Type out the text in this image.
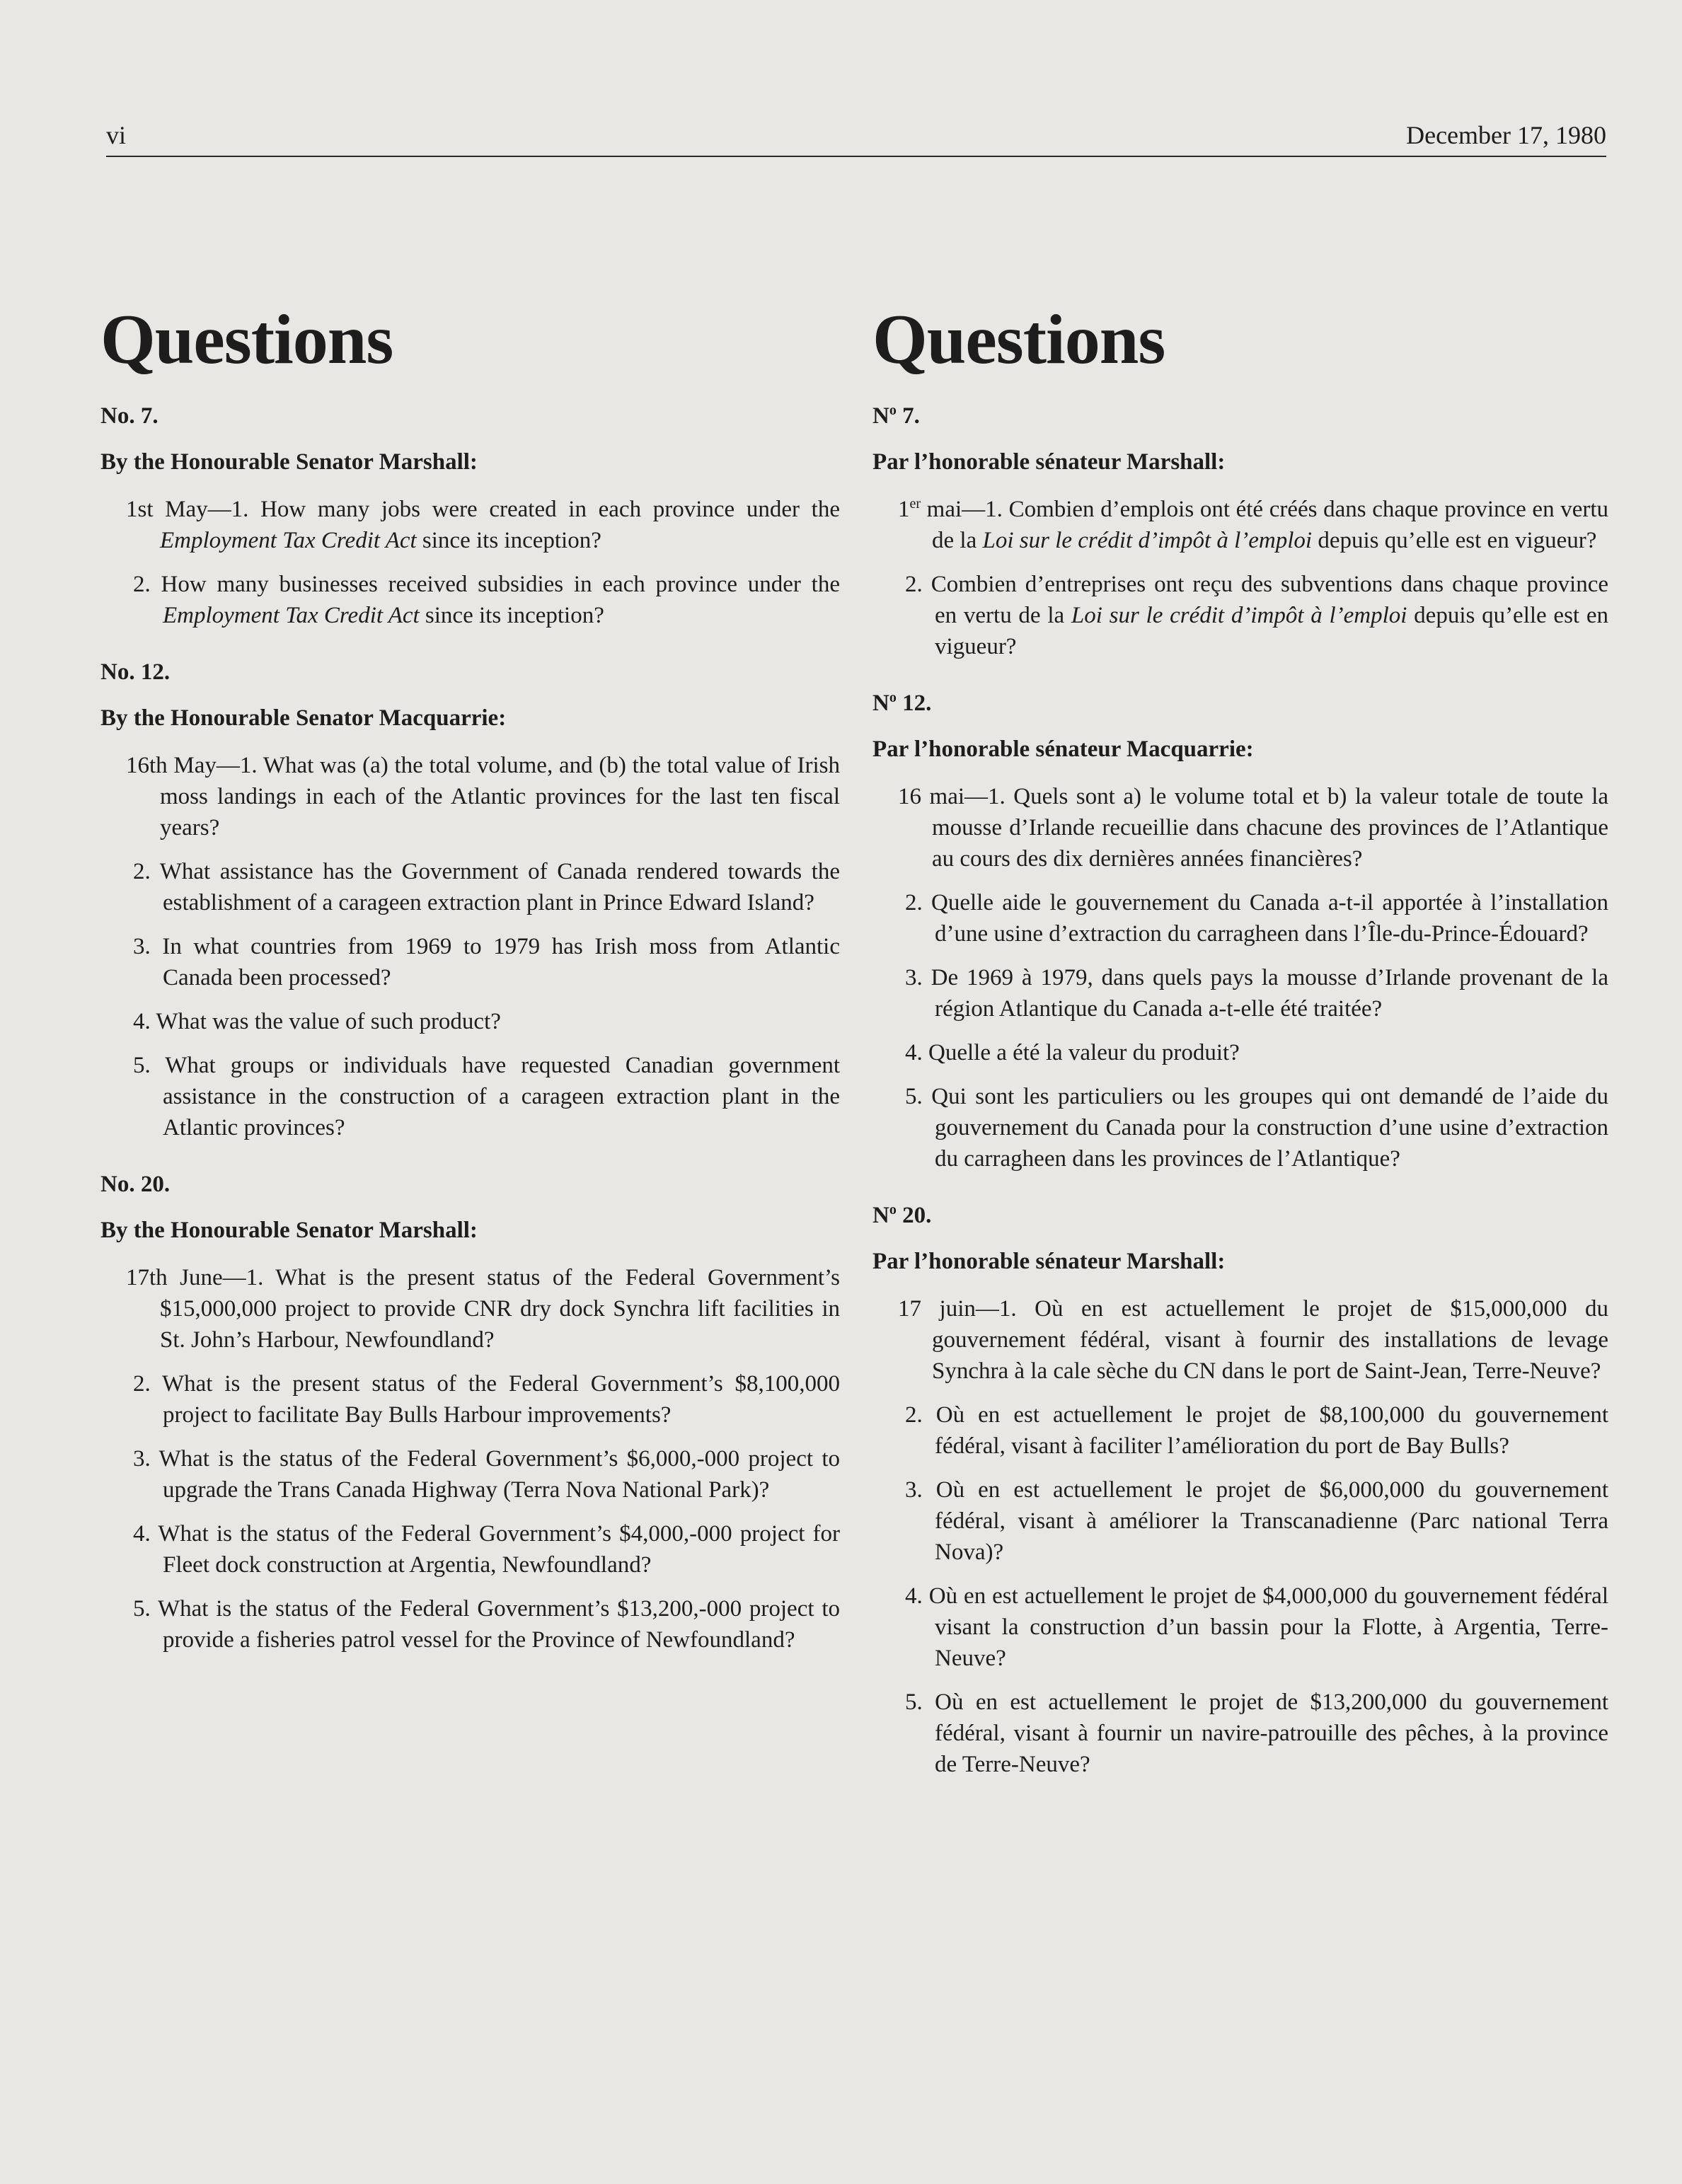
vi	December 17, 1980
Questions
No. 7.
By the Honourable Senator Marshall:
1st May—1. How many jobs were created in each province under the Employment Tax Credit Act since its inception?
2. How many businesses received subsidies in each province under the Employment Tax Credit Act since its inception?
No. 12.
By the Honourable Senator Macquarrie:
16th May—1. What was (a) the total volume, and (b) the total value of Irish moss landings in each of the Atlantic provinces for the last ten fiscal years?
2. What assistance has the Government of Canada rendered towards the establishment of a carageen extraction plant in Prince Edward Island?
3. In what countries from 1969 to 1979 has Irish moss from Atlantic Canada been processed?
4. What was the value of such product?
5. What groups or individuals have requested Canadian government assistance in the construction of a carageen extraction plant in the Atlantic provinces?
No. 20.
By the Honourable Senator Marshall:
17th June—1. What is the present status of the Federal Government’s $15,000,000 project to provide CNR dry dock Synchra lift facilities in St. John’s Harbour, Newfoundland?
2. What is the present status of the Federal Government’s $8,100,000 project to facilitate Bay Bulls Harbour improvements?
3. What is the status of the Federal Government’s $6,000,-000 project to upgrade the Trans Canada Highway (Terra Nova National Park)?
4. What is the status of the Federal Government’s $4,000,-000 project for Fleet dock construction at Argentia, Newfoundland?
5. What is the status of the Federal Government’s $13,200,-000 project to provide a fisheries patrol vessel for the Province of Newfoundland?
Questions
$N^o$ 7.
Par l’honorable sénateur Marshall:
1er mai—1. Combien d’emplois ont été créés dans chaque province en vertu de la Loi sur le crédit d’impôt à l’emploi depuis qu’elle est en vigueur?
2. Combien d’entreprises ont reçu des subventions dans chaque province en vertu de la Loi sur le crédit d’impôt à l’emploi depuis qu’elle est en vigueur?
$N^o$ 12.
Par l’honorable sénateur Macquarrie:
16 mai—1. Quels sont a) le volume total et b) la valeur totale de toute la mousse d’Irlande recueillie dans chacune des provinces de l’Atlantique au cours des dix dernières années financières?
2. Quelle aide le gouvernement du Canada a-t-il apportée à l’installation d’une usine d’extraction du carragheen dans l’Île-du-Prince-Édouard?
3. De 1969 à 1979, dans quels pays la mousse d’Irlande provenant de la région Atlantique du Canada a-t-elle été traitée?
4. Quelle a été la valeur du produit?
5. Qui sont les particuliers ou les groupes qui ont demandé de l’aide du gouvernement du Canada pour la construction d’une usine d’extraction du carragheen dans les provinces de l’Atlantique?
$N^o$ 20.
Par l’honorable sénateur Marshall:
17 juin—1. Où en est actuellement le projet de $15,000,000 du gouvernement fédéral, visant à fournir des installations de levage Synchra à la cale sèche du CN dans le port de Saint-Jean, Terre-Neuve?
2. Où en est actuellement le projet de $8,100,000 du gouvernement fédéral, visant à faciliter l’amélioration du port de Bay Bulls?
3. Où en est actuellement le projet de $6,000,000 du gouvernement fédéral, visant à améliorer la Transcanadienne (Parc national Terra Nova)?
4. Où en est actuellement le projet de $4,000,000 du gouvernement fédéral visant la construction d’un bassin pour la Flotte, à Argentia, Terre-Neuve?
5. Où en est actuellement le projet de $13,200,000 du gouvernement fédéral, visant à fournir un navire-patrouille des pêches, à la province de Terre-Neuve?
